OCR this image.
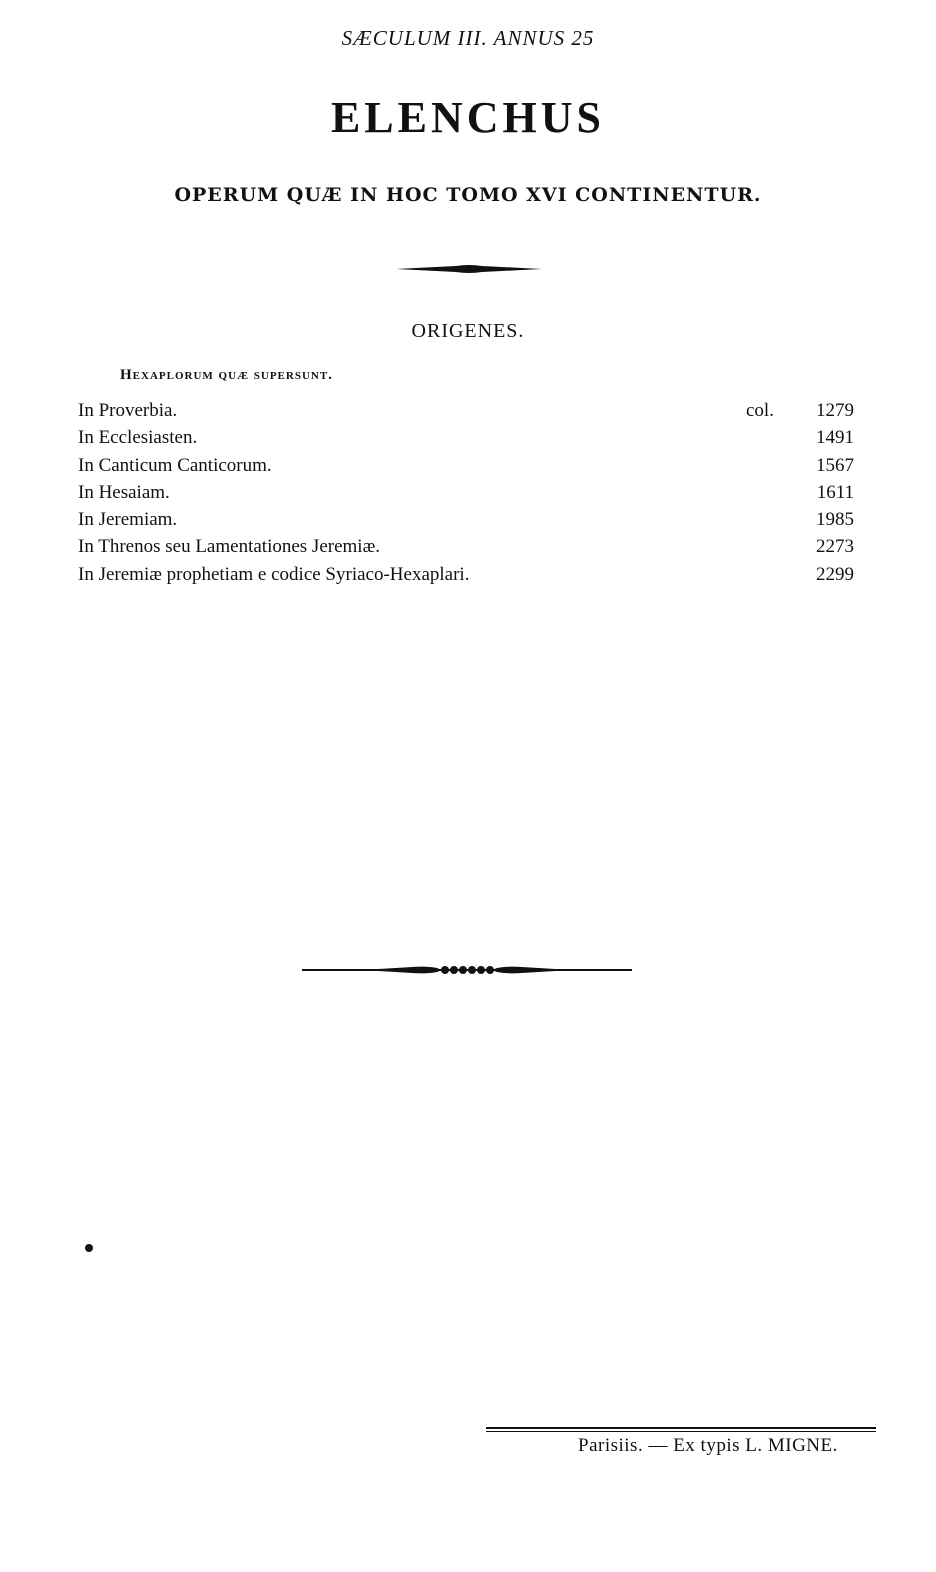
SÆCULUM III. ANNUS 25
ELENCHUS
OPERUM QUÆ IN HOC TOMO XVI CONTINENTUR.
ORIGENES.
Hexaplorum quæ supersunt.
In Proverbia.	col. 1279
In Ecclesiasten.	1491
In Canticum Canticorum.	1567
In Hesaiam.	1611
In Jeremiam.	1985
In Threnos seu Lamentationes Jeremiæ.	2273
In Jeremiæ prophetiam e codice Syriaco-Hexaplari.	2299
Parisiis. — Ex typis L. MIGNE.
